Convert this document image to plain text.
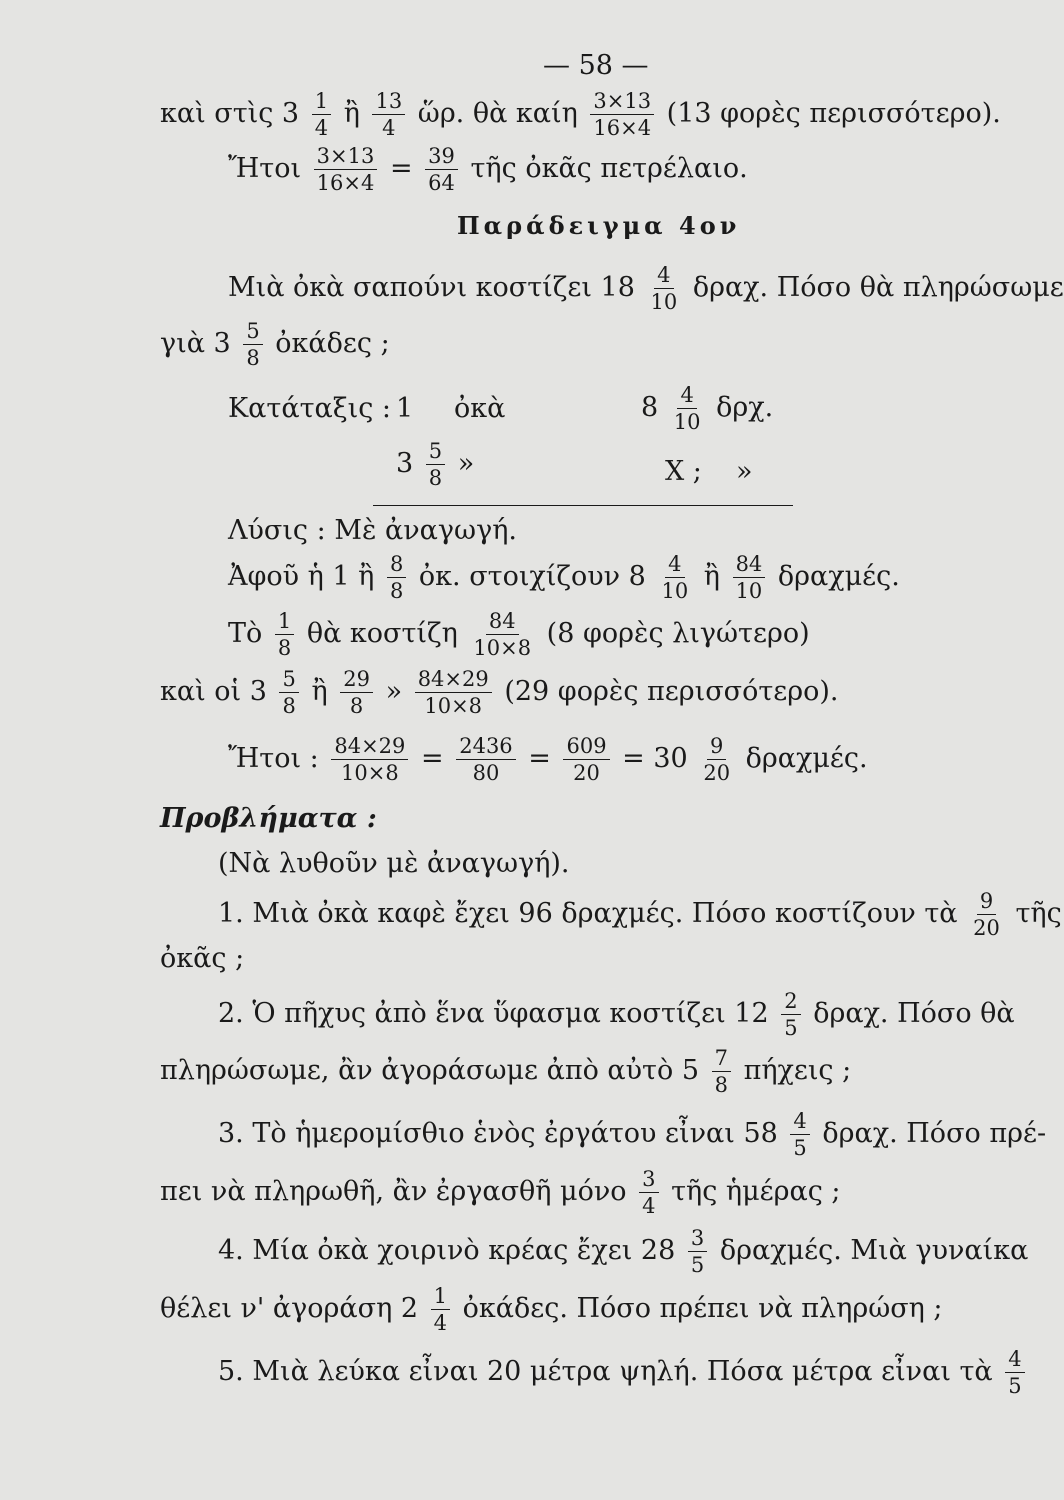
— 58 —
καὶ στὶς $3 \frac{1}{4}$ ἢ $\frac{13}{4}$ ὥρ. θὰ καίη $\frac{3\times 13}{16\times 4} (13$ φορὲς περισσότερο).
Ἤτοι $\frac{3\times 13}{16\times 4} = \frac{39}{64}$ τῆς ὀκᾶς πετρέλαιο.
Παράδειγμα 4ον
Μιὰ ὀκὰ σαπούνι κοστίζει $18 \frac{4}{10} \delta\rho\alpha\chi$. Πόσο θὰ πληρώσωμε
γιὰ $3 \frac{5}{8}$ ὀκάδες ;
Κατάταξις : 1 ὀκὰ	$8 \frac{4}{10} \delta\rho\chi$.
$3 \frac{5}{8}$ »	Χ ; »
Λύσις : Μὲ ἀναγωγή.
Ἀφοῦ ἡ 1 ἢ $\frac{8}{8}$ ὀκ. στοιχίζουν $8 \frac{4}{10}$ ἢ $\frac{84}{10} \delta\rho\alpha\chi\mu έ\varsigma$.
Τὸ $\frac{1}{8}$ θὰ κοστίζη $\frac{84}{10\times 8} (8$ φορὲς λιγώτερο)
καὶ οἱ $3 \frac{5}{8}$ ἢ $\frac{29}{8}$ » $\frac{84\times 29}{10\times 8} (29$ φορὲς περισσότερο).
Ἤτοι : $\frac{84\times 29}{10\times 8} = \frac{2436}{80} = \frac{609}{20} = 30 \frac{9}{20} \delta\rho\alpha\chi\mu έ\varsigma$.
Προβλήματα :
(Νὰ λυθοῦν μὲ ἀναγωγή).
1. Μιὰ ὀκὰ καφὲ ἔχει 96 δραχμές. Πόσο κοστίζουν τὰ $\frac{9}{20}$ τῆς
ὀκᾶς ;
2. Ὁ πῆχυς ἀπὸ ἕνα ὕφασμα κοστίζει $12 \frac{2}{5} \delta\rho\alpha\chi$. Πόσο θὰ
πληρώσωμε, ἂν ἀγοράσωμε ἀπὸ αὐτὸ $5 \frac{7}{8}$ πήχεις ;
3. Τὸ ἡμερομίσθιο ἑνὸς ἐργάτου εἶναι $58 \frac{4}{5} \delta\rho\alpha\chi$. Πόσο πρέ-
πει νὰ πληρωθῆ, ἂν ἐργασθῆ μόνο $\frac{3}{4}$ τῆς ἡμέρας ;
4. Μία ὀκὰ χοιρινὸ κρέας ἔχει $28 \frac{3}{5} \delta\rho\alpha\chi\mu έ\varsigma$. Μιὰ γυναίκα
θέλει ν' ἀγοράση $2 \frac{1}{4}$ ὀκάδες. Πόσο πρέπει νὰ πληρώση ;
5. Μιὰ λεύκα εἶναι 20 μέτρα ψηλή. Πόσα μέτρα εἶναι τὰ $\frac{4}{5}$
